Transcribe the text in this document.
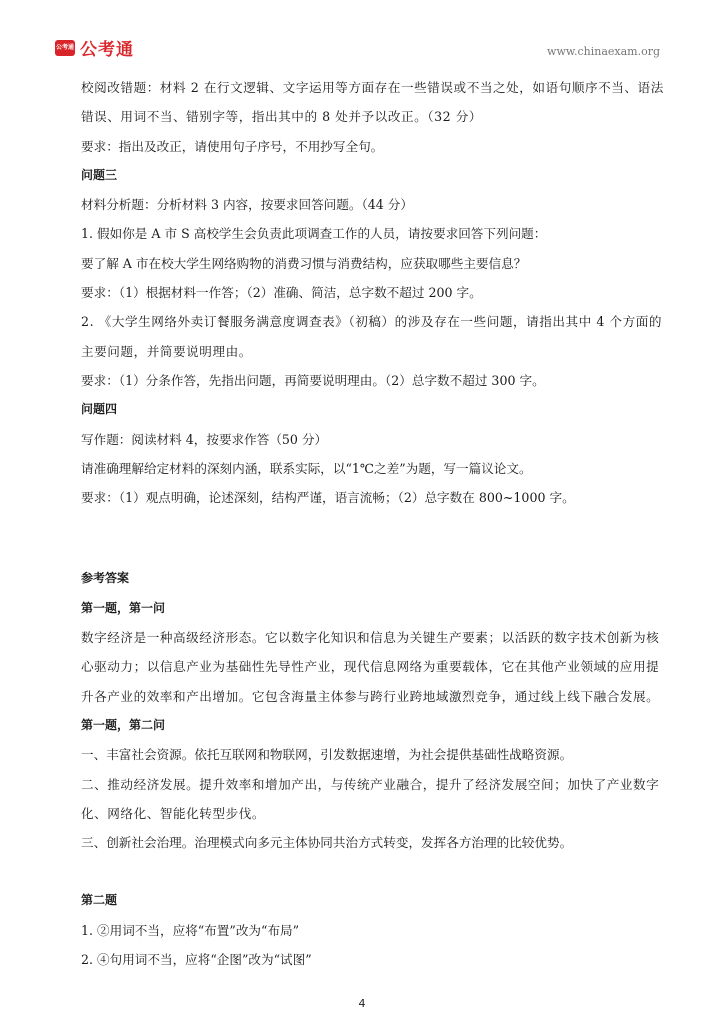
公考通 公考通	www.chinaexam.org

校阅改错题：材料 2 在行文逻辑、文字运用等方面存在一些错误或不当之处，如语句顺序不当、语法错误、用词不当、错别字等，指出其中的 8 处并予以改正。（32 分）

要求：指出及改正，请使用句子序号，不用抄写全句。

问题三

材料分析题：分析材料 3 内容，按要求回答问题。（44 分）

1. 假如你是 A 市 S 高校学生会负责此项调查工作的人员，请按要求回答下列问题：

要了解 A 市在校大学生网络购物的消费习惯与消费结构，应获取哪些主要信息？

要求：（1）根据材料一作答；（2）准确、简洁，总字数不超过 200 字。

2. 《大学生网络外卖订餐服务满意度调查表》（初稿）的涉及存在一些问题，请指出其中 4 个方面的主要问题，并简要说明理由。

要求：（1）分条作答，先指出问题，再简要说明理由。（2）总字数不超过 300 字。

问题四

写作题：阅读材料 4，按要求作答（50 分）

请准确理解给定材料的深刻内涵，联系实际，以“1℃之差”为题，写一篇议论文。

要求：（1）观点明确，论述深刻，结构严谨，语言流畅；（2）总字数在 800~1000 字。

参考答案

第一题，第一问

数字经济是一种高级经济形态。它以数字化知识和信息为关键生产要素；以活跃的数字技术创新为核心驱动力；以信息产业为基础性先导性产业，现代信息网络为重要载体，它在其他产业领域的应用提升各产业的效率和产出增加。它包含海量主体参与跨行业跨地域激烈竞争，通过线上线下融合发展。

第一题，第二问

一、丰富社会资源。依托互联网和物联网，引发数据速增，为社会提供基础性战略资源。

二、推动经济发展。提升效率和增加产出，与传统产业融合，提升了经济发展空间；加快了产业数字化、网络化、智能化转型步伐。

三、创新社会治理。治理模式向多元主体协同共治方式转变，发挥各方治理的比较优势。

第二题

1. ②用词不当，应将“布置”改为“布局”

2. ④句用词不当，应将“企图”改为“试图”

4
